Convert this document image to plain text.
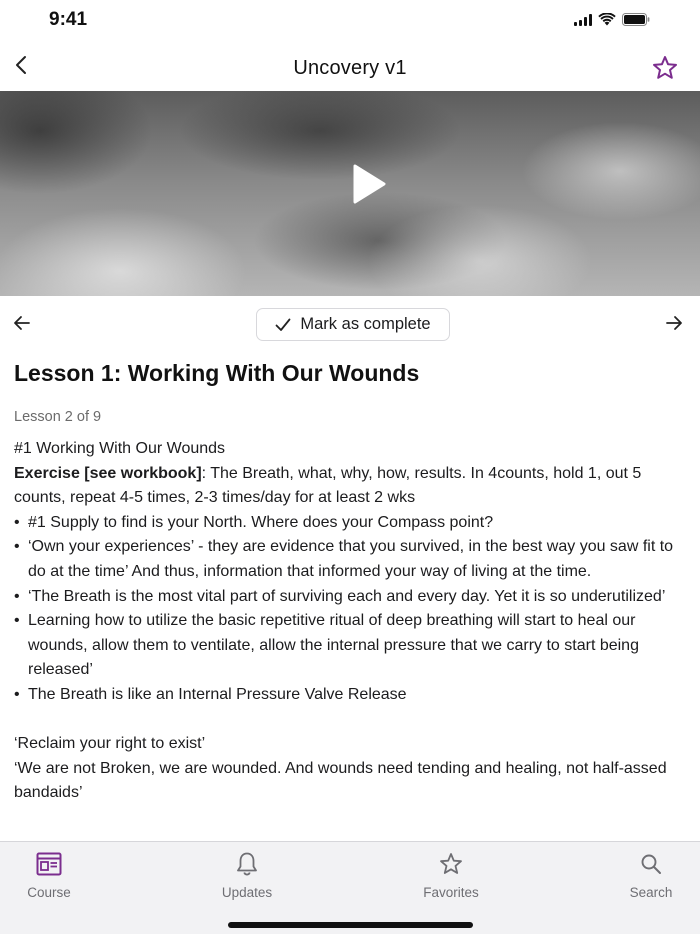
9:41
Uncovery v1
Mark as complete
Lesson 1: Working With Our Wounds
Lesson 2 of 9

#1 Working With Our Wounds

Exercise [see workbook]: The Breath, what, why, how, results. In 4counts, hold 1, out 5 counts, repeat 4-5 times, 2-3 times/day for at least 2 wks

• #1 Supply to find is your North. Where does your Compass point?
• ‘Own your experiences’ - they are evidence that you survived, in the best way you saw fit to do at the time’ And thus, information that informed your way of living at the time.
• ‘The Breath is the most vital part of surviving each and every day. Yet it is so underutilized’
• Learning how to utilize the basic repetitive ritual of deep breathing will start to heal our wounds, allow them to ventilate, allow the internal pressure that we carry to start being released’
• The Breath is like an Internal Pressure Valve Release

‘Reclaim your right to exist’

‘We are not Broken, we are wounded. And wounds need tending and healing, not half-assed bandaids’

Course	Updates	Favorites	Search
